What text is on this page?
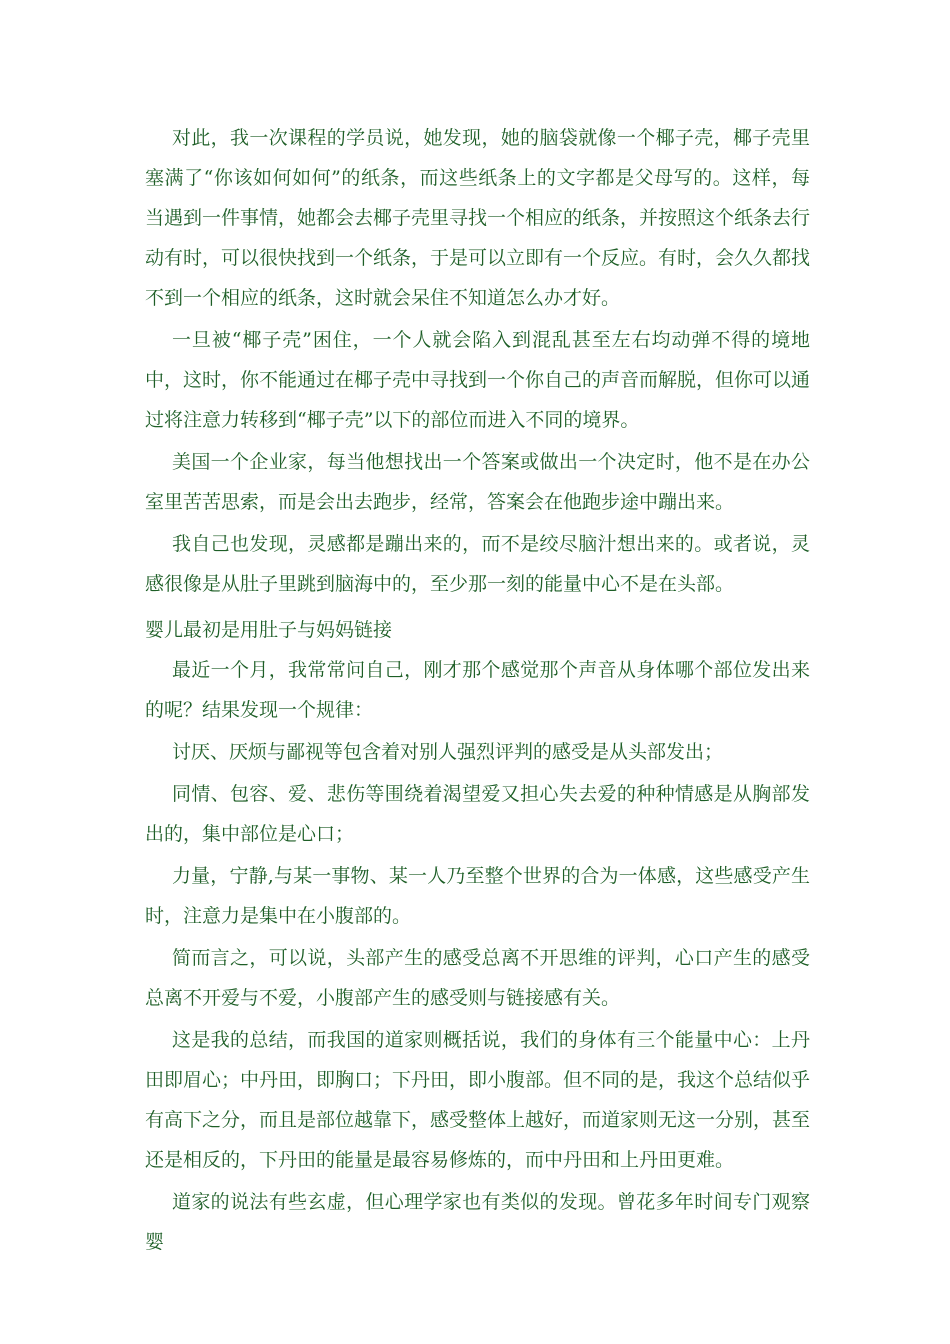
对此，我一次课程的学员说，她发现，她的脑袋就像一个椰子壳，椰子壳里塞满了“你该如何如何”的纸条，而这些纸条上的文字都是父母写的。这样，每当遇到一件事情，她都会去椰子壳里寻找一个相应的纸条，并按照这个纸条去行动有时，可以很快找到一个纸条，于是可以立即有一个反应。有时，会久久都找不到一个相应的纸条，这时就会呆住不知道怎么办才好。

一旦被“椰子壳”困住，一个人就会陷入到混乱甚至左右均动弹不得的境地中，这时，你不能通过在椰子壳中寻找到一个你自己的声音而解脱，但你可以通过将注意力转移到“椰子壳”以下的部位而进入不同的境界。

美国一个企业家，每当他想找出一个答案或做出一个决定时，他不是在办公室里苦苦思索，而是会出去跑步，经常，答案会在他跑步途中蹦出来。

我自己也发现，灵感都是蹦出来的，而不是绞尽脑汁想出来的。或者说，灵感很像是从肚子里跳到脑海中的，至少那一刻的能量中心不是在头部。

婴儿最初是用肚子与妈妈链接

最近一个月，我常常问自己，刚才那个感觉那个声音从身体哪个部位发出来的呢？结果发现一个规律：

讨厌、厌烦与鄙视等包含着对别人强烈评判的感受是从头部发出；

同情、包容、爱、悲伤等围绕着渴望爱又担心失去爱的种种情感是从胸部发出的，集中部位是心口；

力量，宁静,与某一事物、某一人乃至整个世界的合为一体感，这些感受产生时，注意力是集中在小腹部的。

简而言之，可以说，头部产生的感受总离不开思维的评判，心口产生的感受总离不开爱与不爱，小腹部产生的感受则与链接感有关。

这是我的总结，而我国的道家则概括说，我们的身体有三个能量中心：上丹田即眉心；中丹田，即胸口；下丹田，即小腹部。但不同的是，我这个总结似乎有高下之分，而且是部位越靠下，感受整体上越好，而道家则无这一分别，甚至还是相反的，下丹田的能量是最容易修炼的，而中丹田和上丹田更难。

道家的说法有些玄虚，但心理学家也有类似的发现。曾花多年时间专门观察婴
